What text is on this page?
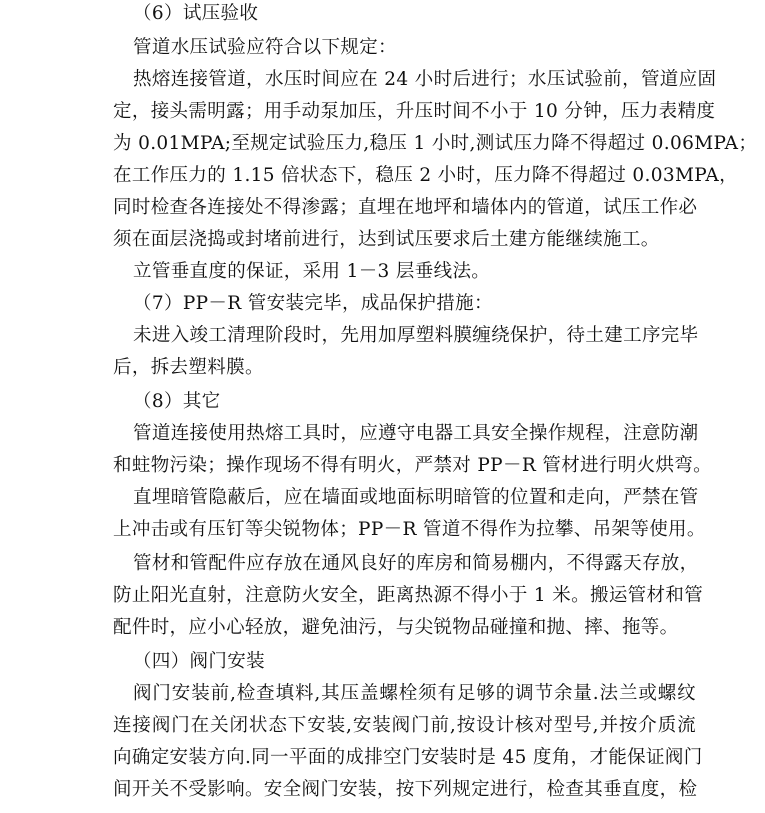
（6）试压验收
管道水压试验应符合以下规定：
热熔连接管道，水压时间应在 24 小时后进行；水压试验前，管道应固
定，接头需明露；用手动泵加压，升压时间不小于 10 分钟，压力表精度
为 0.01MPA;至规定试验压力,稳压 1 小时,测试压力降不得超过 0.06MPA；
在工作压力的 1.15 倍状态下，稳压 2 小时，压力降不得超过 0.03MPA，
同时检查各连接处不得渗露；直埋在地坪和墙体内的管道，试压工作必
须在面层浇捣或封堵前进行，达到试压要求后土建方能继续施工。
立管垂直度的保证，采用 1－3 层垂线法。
（7）PP－R 管安装完毕，成品保护措施：
未进入竣工清理阶段时，先用加厚塑料膜缠绕保护，待土建工序完毕
后，拆去塑料膜。
（8）其它
管道连接使用热熔工具时，应遵守电器工具安全操作规程，注意防潮
和蛀物污染；操作现场不得有明火，严禁对 PP－R 管材进行明火烘弯。
直埋暗管隐蔽后，应在墙面或地面标明暗管的位置和走向，严禁在管
上冲击或有压钉等尖锐物体；PP－R 管道不得作为拉攀、吊架等使用。
管材和管配件应存放在通风良好的库房和简易棚内，不得露天存放，
防止阳光直射，注意防火安全，距离热源不得小于 1 米。搬运管材和管
配件时，应小心轻放，避免油污，与尖锐物品碰撞和抛、摔、拖等。
（四）阀门安装
阀门安装前,检查填料,其压盖螺栓须有足够的调节余量.法兰或螺纹
连接阀门在关闭状态下安装,安装阀门前,按设计核对型号,并按介质流
向确定安装方向.同一平面的成排空门安装时是 45 度角，才能保证阀门
间开关不受影响。安全阀门安装，按下列规定进行，检查其垂直度，检
